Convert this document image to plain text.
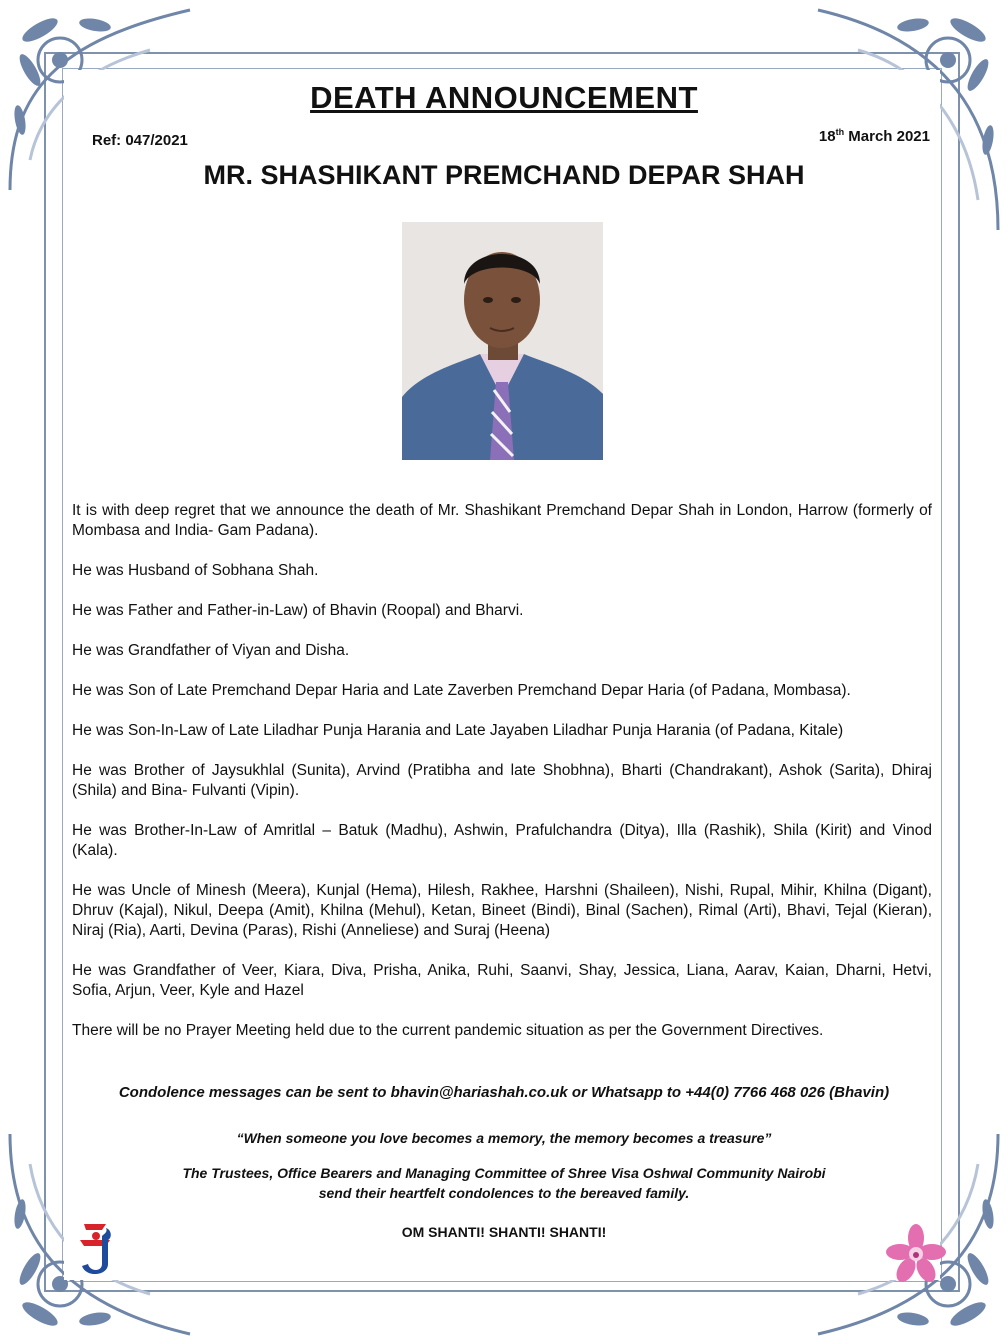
DEATH ANNOUNCEMENT
Ref: 047/2021	18th March 2021
MR. SHASHIKANT PREMCHAND DEPAR SHAH

It is with deep regret that we announce the death of Mr. Shashikant Premchand Depar Shah in London, Harrow (formerly of Mombasa and India- Gam Padana).

He was Husband of Sobhana Shah.

He was Father and Father-in-Law) of Bhavin (Roopal) and Bharvi.

He was Grandfather of Viyan and Disha.

He was Son of Late Premchand Depar Haria and Late Zaverben Premchand Depar Haria (of Padana, Mombasa).

He was Son-In-Law of Late Liladhar Punja Harania and Late Jayaben Liladhar Punja Harania (of Padana, Kitale)

He was Brother of Jaysukhlal (Sunita), Arvind (Pratibha and late Shobhna), Bharti (Chandrakant), Ashok (Sarita), Dhiraj (Shila) and Bina- Fulvanti (Vipin).

He was Brother-In-Law of Amritlal – Batuk (Madhu), Ashwin, Prafulchandra (Ditya), Illa (Rashik), Shila (Kirit) and Vinod (Kala).

He was Uncle of Minesh (Meera), Kunjal (Hema), Hilesh, Rakhee, Harshni (Shaileen), Nishi, Rupal, Mihir, Khilna (Digant), Dhruv (Kajal), Nikul, Deepa (Amit), Khilna (Mehul), Ketan, Bineet (Bindi), Binal (Sachen), Rimal (Arti), Bhavi, Tejal (Kieran), Niraj (Ria), Aarti, Devina (Paras), Rishi (Anneliese) and Suraj (Heena)

He was Grandfather of Veer, Kiara, Diva, Prisha, Anika, Ruhi, Saanvi, Shay, Jessica, Liana, Aarav, Kaian, Dharni, Hetvi, Sofia, Arjun, Veer, Kyle and Hazel

There will be no Prayer Meeting held due to the current pandemic situation as per the Government Directives.

Condolence messages can be sent to bhavin@hariashah.co.uk or Whatsapp to +44(0) 7766 468 026 (Bhavin)
“When someone you love becomes a memory, the memory becomes a treasure”
The Trustees, Office Bearers and Managing Committee of Shree Visa Oshwal Community Nairobi
send their heartfelt condolences to the bereaved family.
OM SHANTI! SHANTI! SHANTI!
